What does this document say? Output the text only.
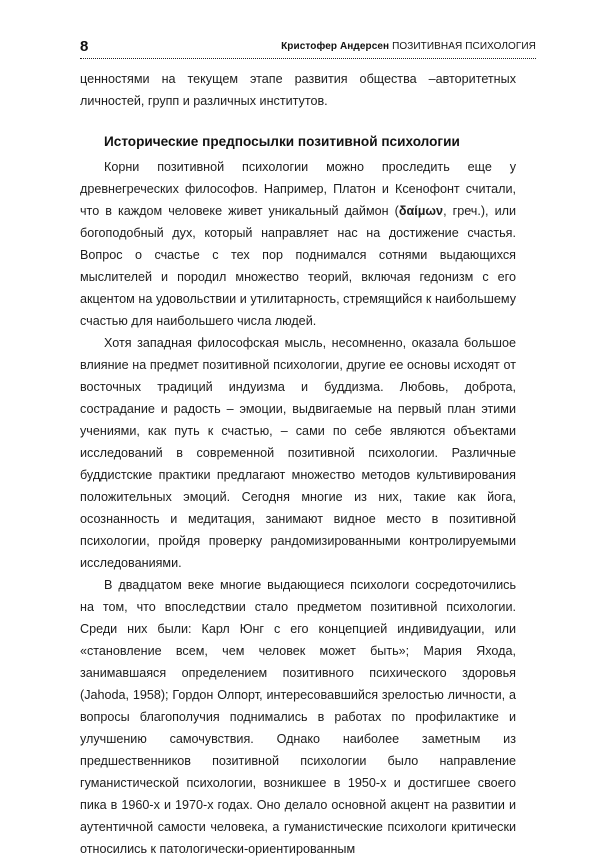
8	Кристофер Андерсен ПОЗИТИВНАЯ ПСИХОЛОГИЯ

ценностями на текущем этапе развития общества –авторитетных личностей, групп и различных институтов.

Исторические предпосылки позитивной психологии

Корни позитивной психологии можно проследить еще у древнегреческих философов. Например, Платон и Ксенофонт считали, что в каждом человеке живет уникальный даймон (δαίμων, греч.), или богоподобный дух, который направляет нас на достижение счастья. Вопрос о счастье с тех пор поднимался сотнями выдающихся мыслителей и породил множество теорий, включая гедонизм с его акцентом на удовольствии и утилитарность, стремящийся к наибольшему счастью для наибольшего числа людей.

Хотя западная философская мысль, несомненно, оказала большое влияние на предмет позитивной психологии, другие ее основы исходят от восточных традиций индуизма и буддизма. Любовь, доброта, сострадание и радость – эмоции, выдвигаемые на первый план этими учениями, как путь к счастью, – сами по себе являются объектами исследований в современной позитивной психологии. Различные буддистские практики предлагают множество методов культивирования положительных эмоций. Сегодня многие из них, такие как йога, осознанность и медитация, занимают видное место в позитивной психологии, пройдя проверку рандомизированными контролируемыми исследованиями.

В двадцатом веке многие выдающиеся психологи сосредоточились на том, что впоследствии стало предметом позитивной психологии. Среди них были: Карл Юнг с его концепцией индивидуации, или «становление всем, чем человек может быть»; Мария Яхода, занимавшаяся определением позитивного психического здоровья (Jahoda, 1958); Гордон Олпорт, интересовавшийся зрелостью личности, а вопросы благополучия поднимались в работах по профилактике и улучшению самочувствия. Однако наиболее заметным из предшественников позитивной психологии было направление гуманистической психологии, возникшее в 1950-х и достигшее своего пика в 1960-х и 1970-х годах. Оно делало основной акцент на развитии и аутентичной самости человека, а гуманистические психологи критически относились к патологически-ориентированным
